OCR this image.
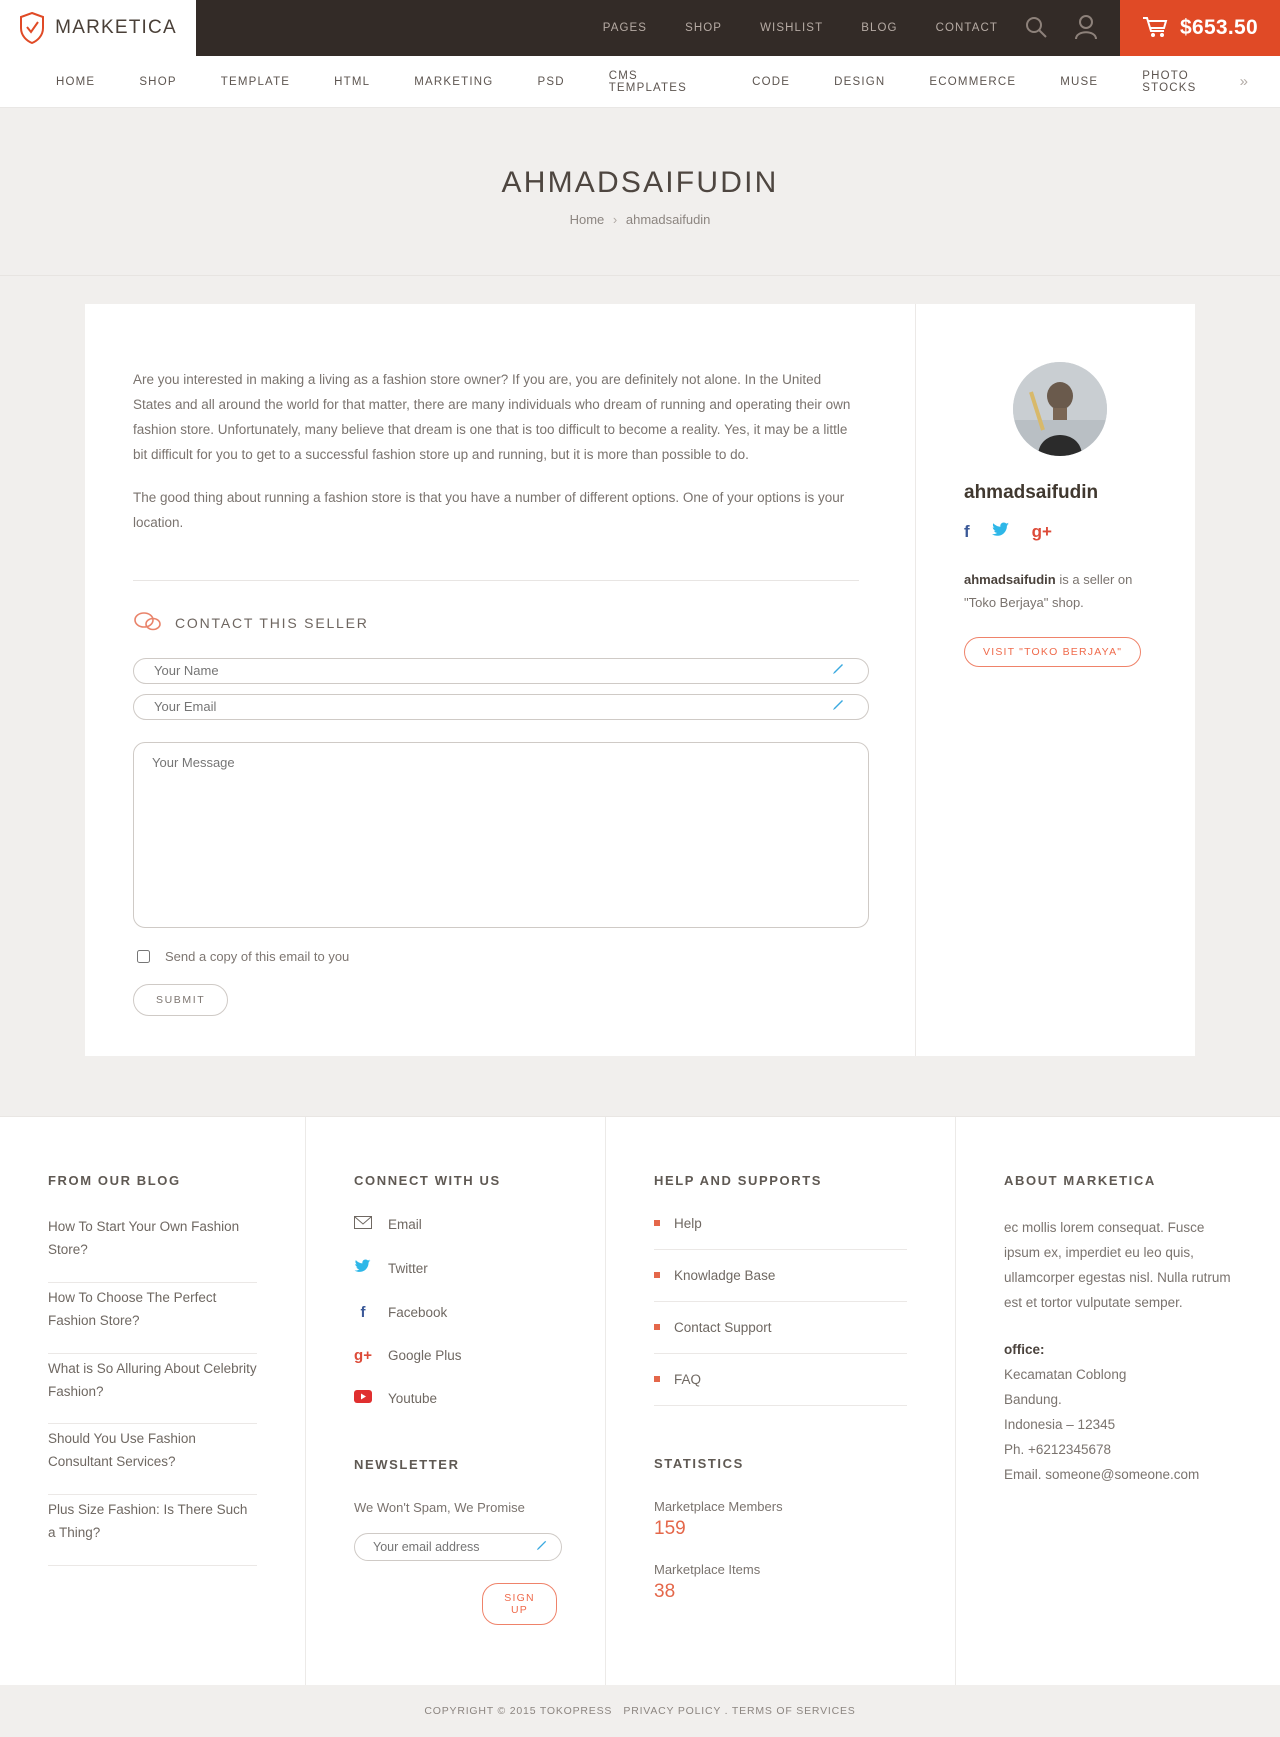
MARKETICA	PAGES	SHOP	WISHLIST	BLOG	CONTACT	$653.50
HOME	SHOP	TEMPLATE	HTML	MARKETING	PSD	CMS TEMPLATES	CODE	DESIGN	ECOMMERCE	MUSE	PHOTO STOCKS	»
AHMADSAIFUDIN
Home › ahmadsaifudin

Are you interested in making a living as a fashion store owner? If you are, you are definitely not alone. In the United States and all around the world for that matter, there are many individuals who dream of running and operating their own fashion store. Unfortunately, many believe that dream is one that is too difficult to become a reality. Yes, it may be a little bit difficult for you to get to a successful fashion store up and running, but it is more than possible to do.

The good thing about running a fashion store is that you have a number of different options. One of your options is your location.

CONTACT THIS SELLER
Your Name
Your Email
Your Message
Send a copy of this email to you
SUBMIT
ahmadsaifudin
f	g+

ahmadsaifudin is a seller on "Toko Berjaya" shop.

VISIT "TOKO BERJAYA"
FROM OUR BLOG
How To Start Your Own Fashion Store?
How To Choose The Perfect Fashion Store?
What is So Alluring About Celebrity Fashion?
Should You Use Fashion Consultant Services?
Plus Size Fashion: Is There Such a Thing?
CONNECT WITH US
Email
Twitter
f	Facebook
g+ Google Plus
Youtube
NEWSLETTER

We Won't Spam, We Promise

Your email address
SIGN UP
HELP AND SUPPORTS
Help
Knowladge Base
Contact Support
FAQ
STATISTICS

Marketplace Members

159

Marketplace Items

38

ABOUT MARKETICA

ec mollis lorem consequat. Fusce ipsum ex, imperdiet eu leo quis, ullamcorper egestas nisl. Nulla rutrum est et tortor vulputate semper.

office:
Kecamatan Coblong
Bandung.
Indonesia – 12345
Ph. +6212345678
Email. someone@someone.com
COPYRIGHT © 2015 TOKOPRESS PRIVACY POLICY . TERMS OF SERVICES
